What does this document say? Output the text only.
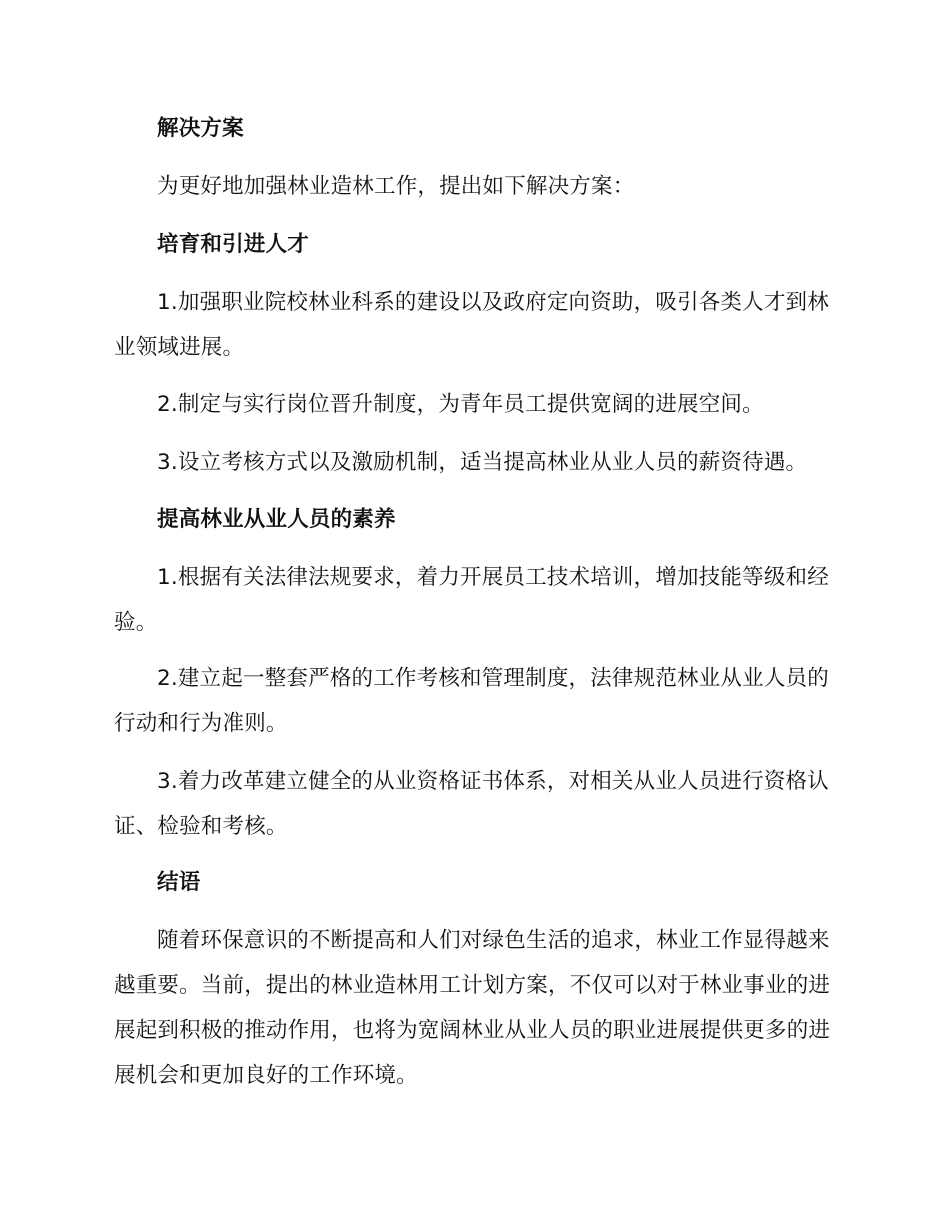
解决方案
为更好地加强林业造林工作，提出如下解决方案：
培育和引进人才
1.加强职业院校林业科系的建设以及政府定向资助，吸引各类人才到林
业领域进展。
2.制定与实行岗位晋升制度，为青年员工提供宽阔的进展空间。
3.设立考核方式以及激励机制，适当提高林业从业人员的薪资待遇。
提高林业从业人员的素养
1.根据有关法律法规要求，着力开展员工技术培训，增加技能等级和经
验。
2.建立起一整套严格的工作考核和管理制度，法律规范林业从业人员的
行动和行为准则。
3.着力改革建立健全的从业资格证书体系，对相关从业人员进行资格认
证、检验和考核。
结语
随着环保意识的不断提高和人们对绿色生活的追求，林业工作显得越来
越重要。当前，提出的林业造林用工计划方案，不仅可以对于林业事业的进
展起到积极的推动作用，也将为宽阔林业从业人员的职业进展提供更多的进
展机会和更加良好的工作环境。
